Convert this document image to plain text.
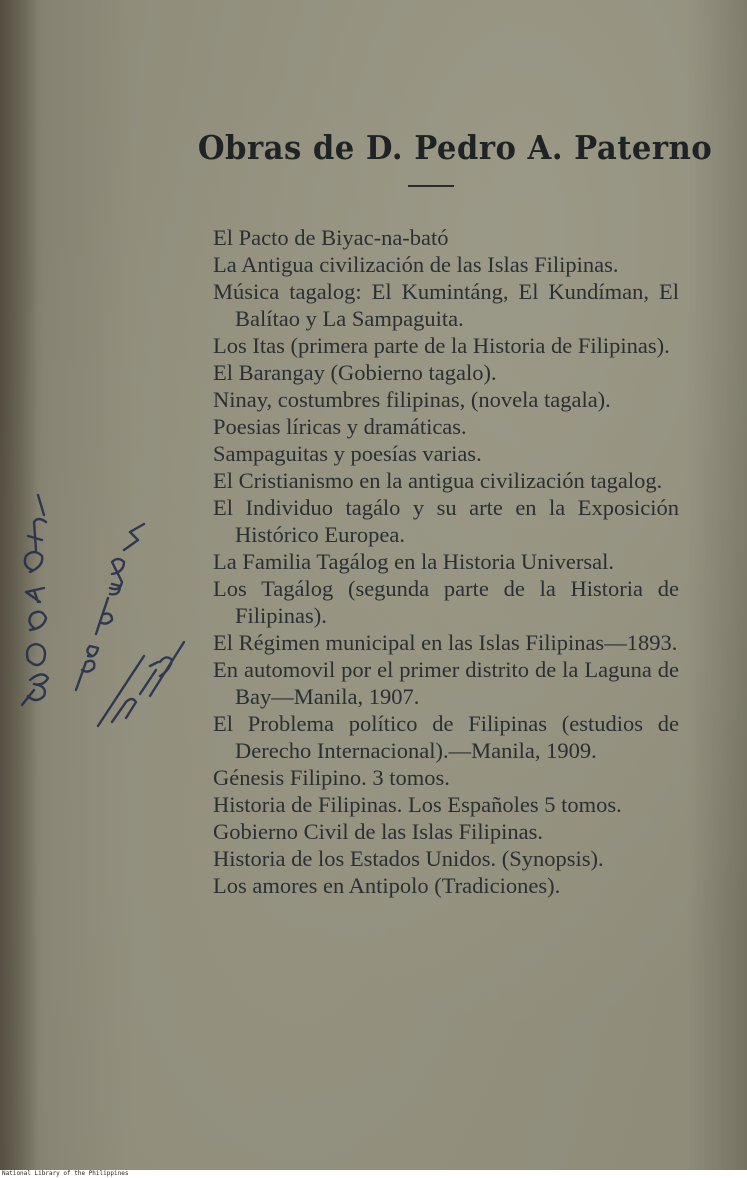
Obras de D. Pedro A. Paterno
El Pacto de Biyac-na-bató
La Antigua civilización de las Islas Filipinas.
Música tagalog: El Kumintáng, El Kundíman, El Balítao y La Sampaguita.
Los Itas (primera parte de la Historia de Filipinas).
El Barangay (Gobierno tagalo).
Ninay, costumbres filipinas, (novela tagala).
Poesias líricas y dramáticas.
Sampaguitas y poesías varias.
El Cristianismo en la antigua civilización tagalog.
El Individuo tagálo y su arte en la Exposición Histórico Europea.
La Familia Tagálog en la Historia Universal.
Los Tagálog (segunda parte de la Historia de Filipinas).
El Régimen municipal en las Islas Filipinas—1893.
En automovil por el primer distrito de la Laguna de Bay—Manila, 1907.
El Problema político de Filipinas (estudios de Derecho Internacional).—Manila, 1909.
Génesis Filipino. 3 tomos.
Historia de Filipinas. Los Españoles 5 tomos.
Gobierno Civil de las Islas Filipinas.
Historia de los Estados Unidos. (Synopsis).
Los amores en Antipolo (Tradiciones).
National Library of the Philippines
